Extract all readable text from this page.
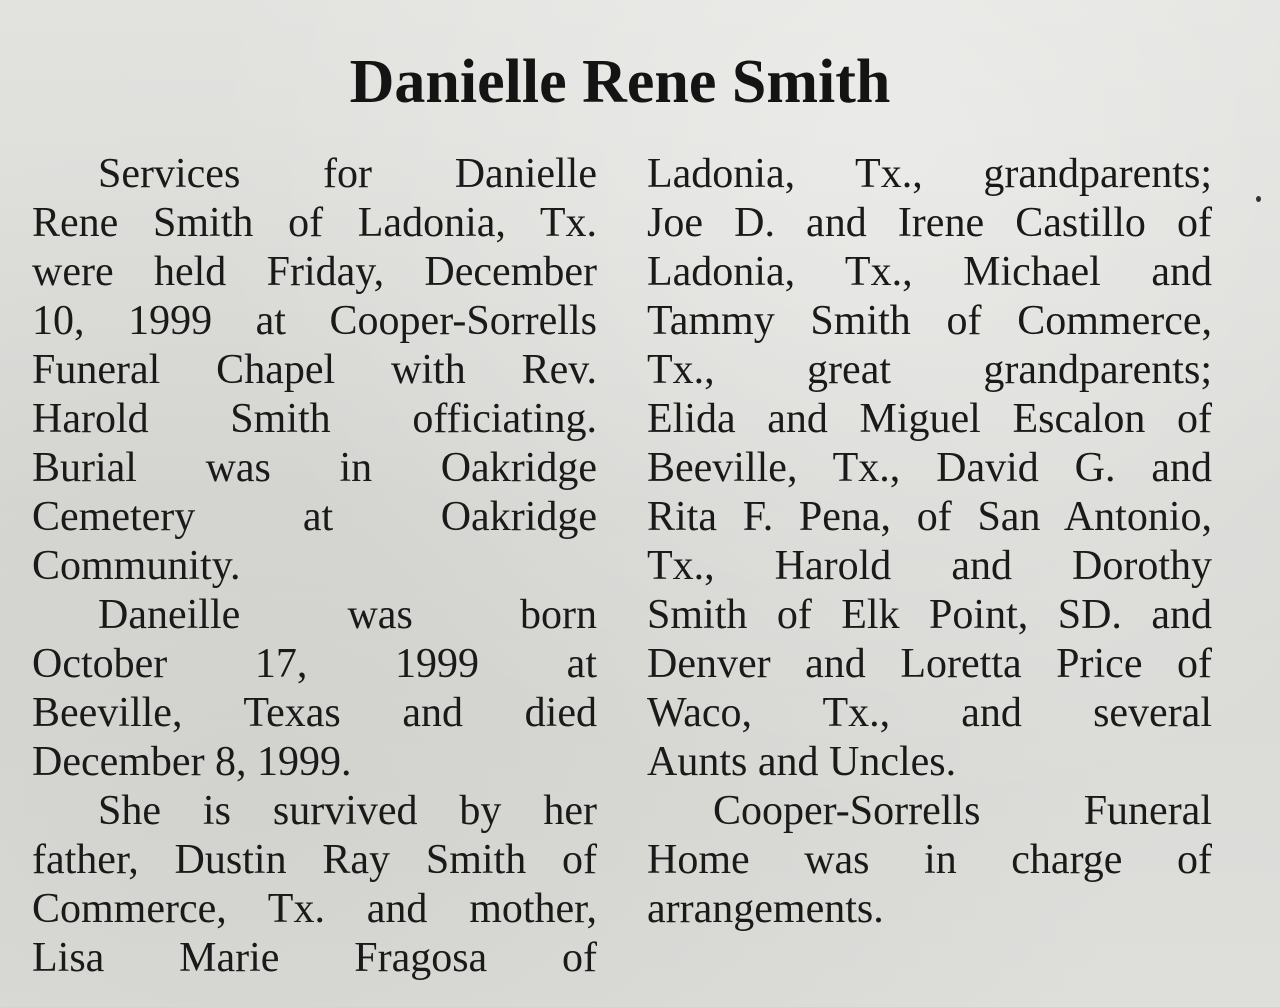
Danielle Rene Smith
Services for Danielle
Rene Smith of Ladonia, Tx.
were held Friday, December
10, 1999 at Cooper-Sorrells
Funeral Chapel with Rev.
Harold Smith officiating.
Burial was in Oakridge
Cemetery at Oakridge
Community.
Daneille was born
October 17, 1999 at
Beeville, Texas and died
December 8, 1999.
She is survived by her
father, Dustin Ray Smith of
Commerce, Tx. and mother,
Lisa Marie Fragosa of
Ladonia, Tx., grandparents;
Joe D. and Irene Castillo of
Ladonia, Tx., Michael and
Tammy Smith of Commerce,
Tx., great grandparents;
Elida and Miguel Escalon of
Beeville, Tx., David G. and
Rita F. Pena, of San Antonio,
Tx., Harold and Dorothy
Smith of Elk Point, SD. and
Denver and Loretta Price of
Waco, Tx., and several
Aunts and Uncles.
Cooper-Sorrells Funeral
Home was in charge of
arrangements.
